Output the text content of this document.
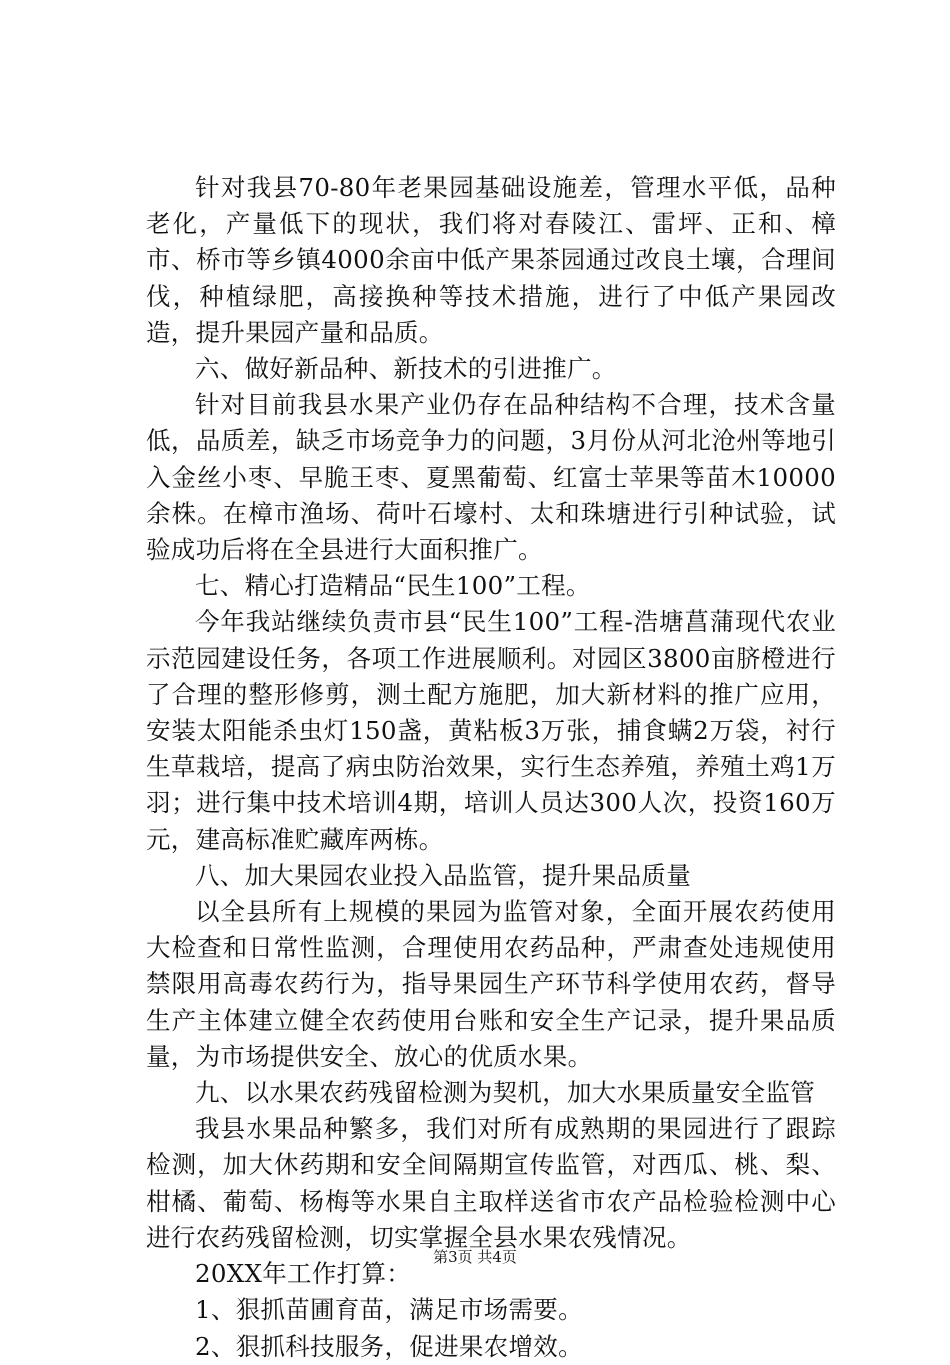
针对我县70-80年老果园基础设施差，管理水平低，品种老化，产量低下的现状，我们将对春陵江、雷坪、正和、樟市、桥市等乡镇4000余亩中低产果茶园通过改良土壤，合理间伐，种植绿肥，高接换种等技术措施，进行了中低产果园改造，提升果园产量和品质。

六、做好新品种、新技术的引进推广。

针对目前我县水果产业仍存在品种结构不合理，技术含量低，品质差，缺乏市场竞争力的问题，3月份从河北沧州等地引入金丝小枣、早脆王枣、夏黑葡萄、红富士苹果等苗木10000余株。在樟市渔场、荷叶石壕村、太和珠塘进行引种试验，试验成功后将在全县进行大面积推广。

七、精心打造精品“民生100”工程。

今年我站继续负责市县“民生100”工程-浩塘菖蒲现代农业示范园建设任务，各项工作进展顺利。对园区3800亩脐橙进行了合理的整形修剪，测土配方施肥，加大新材料的推广应用，安装太阳能杀虫灯150盏，黄粘板3万张，捕食螨2万袋，衬行生草栽培，提高了病虫防治效果，实行生态养殖，养殖土鸡1万羽；进行集中技术培训4期，培训人员达300人次，投资160万元，建高标准贮藏库两栋。

八、加大果园农业投入品监管，提升果品质量

以全县所有上规模的果园为监管对象，全面开展农药使用大检查和日常性监测，合理使用农药品种，严肃查处违规使用禁限用高毒农药行为，指导果园生产环节科学使用农药，督导生产主体建立健全农药使用台账和安全生产记录，提升果品质量，为市场提供安全、放心的优质水果。

九、以水果农药残留检测为契机，加大水果质量安全监管

我县水果品种繁多，我们对所有成熟期的果园进行了跟踪检测，加大休药期和安全间隔期宣传监管，对西瓜、桃、梨、柑橘、葡萄、杨梅等水果自主取样送省市农产品检验检测中心进行农药残留检测，切实掌握全县水果农残情况。

20XX年工作打算：

1、狠抓苗圃育苗，满足市场需要。

2、狠抓科技服务，促进果农增效。

第3页 共4页
